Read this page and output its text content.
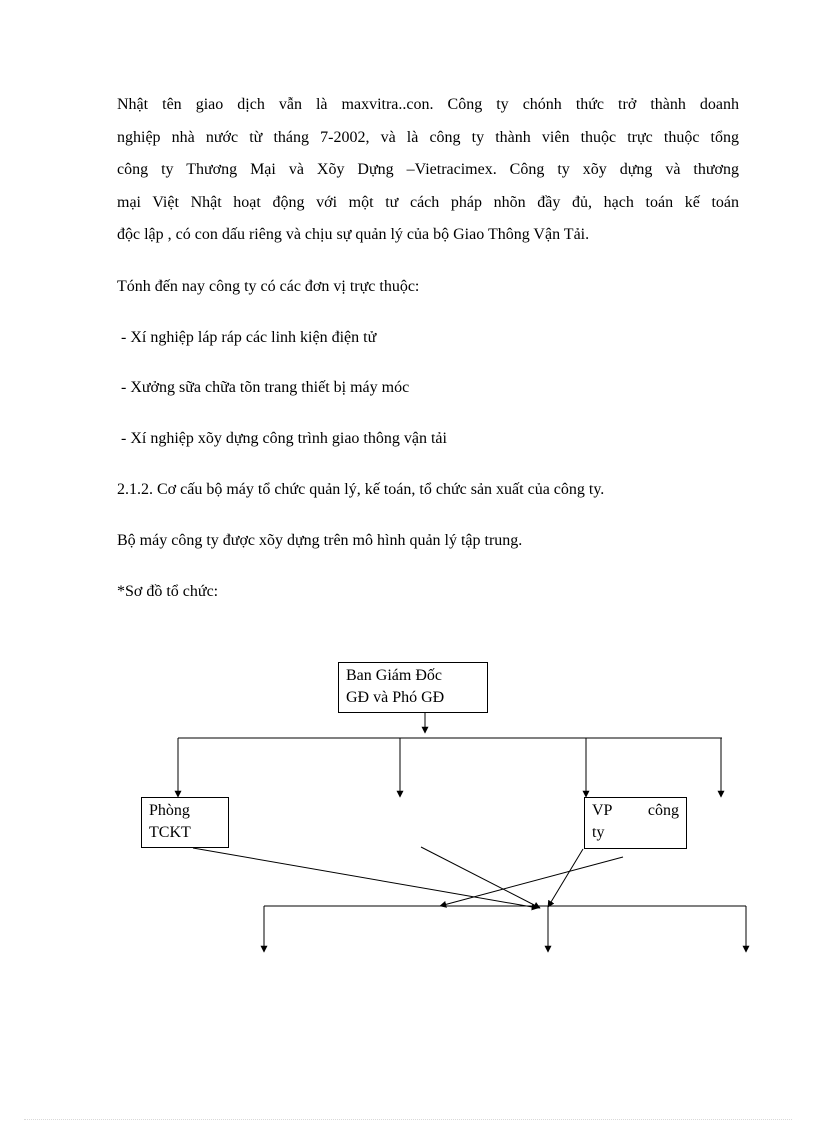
Nhật tên giao dịch vẫn là maxvitra..con. Công ty chónh thức trở thành doanh
nghiệp nhà nước từ tháng 7-2002, và là công ty thành viên thuộc trực thuộc tổng
công ty Thương Mại và Xõy Dựng –Vietracimex. Công ty xõy dựng và thương
mại Việt Nhật hoạt động với một tư cách pháp nhõn đầy đủ, hạch toán kế toán
độc lập , có con dấu riêng và chịu sự quản lý của bộ Giao Thông Vận Tải.

Tónh đến nay công ty có các đơn vị trực thuộc:

- Xí nghiệp láp ráp các linh kiện điện tử

- Xưởng sữa chữa tõn trang thiết bị máy móc

- Xí nghiệp xõy dựng công trình giao thông vận tải

2.1.2. Cơ cấu bộ máy tổ chức quản lý, kế toán, tổ chức sản xuất của công ty.

Bộ máy công ty được xõy dựng trên mô hình quản lý tập trung.

*Sơ đồ tổ chức:

Ban Giám Đốc
GĐ và Phó GĐ
Phòng
TCKT
VP công
ty
